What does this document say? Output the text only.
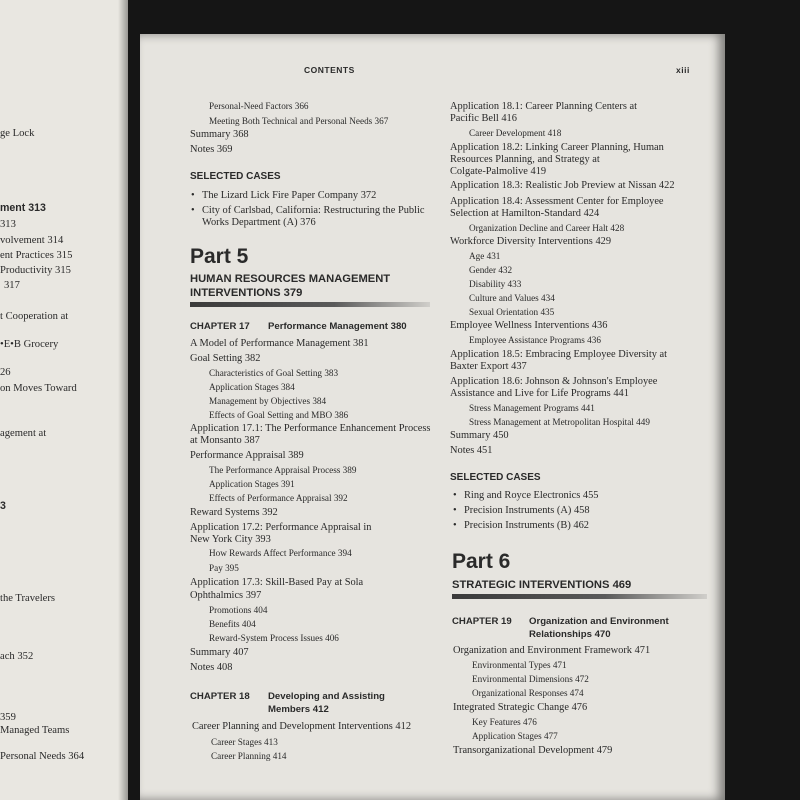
ge Lock
ment 313
313
volvement 314
ent Practices 315
Productivity 315
317
t Cooperation at
•E•B Grocery
26
on Moves Toward
agement at
3
the Travelers
ach 352
359
Managed Teams
Personal Needs 364
CONTENTS	xiii
Personal-Need Factors 366
Meeting Both Technical and Personal Needs 367
Summary 368
Notes 369
SELECTED CASES
• The Lizard Lick Fire Paper Company 372
• City of Carlsbad, California: Restructuring the Public
Works Department (A) 376
Part 5
HUMAN RESOURCES MANAGEMENT
INTERVENTIONS 379
CHAPTER 17 Performance Management 380
A Model of Performance Management 381
Goal Setting 382
Characteristics of Goal Setting 383
Application Stages 384
Management by Objectives 384
Effects of Goal Setting and MBO 386
Application 17.1: The Performance Enhancement Process
at Monsanto 387
Performance Appraisal 389
The Performance Appraisal Process 389
Application Stages 391
Effects of Performance Appraisal 392
Reward Systems 392
Application 17.2: Performance Appraisal in
New York City 393
How Rewards Affect Performance 394
Pay 395
Application 17.3: Skill-Based Pay at Sola
Ophthalmics 397
Promotions 404
Benefits 404
Reward-System Process Issues 406
Summary 407
Notes 408
CHAPTER 18 Developing and Assisting
Members 412
Career Planning and Development Interventions 412
Career Stages 413
Career Planning 414
Application 18.1: Career Planning Centers at
Pacific Bell 416
Career Development 418
Application 18.2: Linking Career Planning, Human
Resources Planning, and Strategy at
Colgate-Palmolive 419
Application 18.3: Realistic Job Preview at Nissan 422
Application 18.4: Assessment Center for Employee
Selection at Hamilton-Standard 424
Organization Decline and Career Halt 428
Workforce Diversity Interventions 429
Age 431
Gender 432
Disability 433
Culture and Values 434
Sexual Orientation 435
Employee Wellness Interventions 436
Employee Assistance Programs 436
Application 18.5: Embracing Employee Diversity at
Baxter Export 437
Application 18.6: Johnson & Johnson's Employee
Assistance and Live for Life Programs 441
Stress Management Programs 441
Stress Management at Metropolitan Hospital 449
Summary 450
Notes 451
SELECTED CASES
• Ring and Royce Electronics 455
• Precision Instruments (A) 458
• Precision Instruments (B) 462
Part 6
STRATEGIC INTERVENTIONS 469
CHAPTER 19 Organization and Environment
Relationships 470
Organization and Environment Framework 471
Environmental Types 471
Environmental Dimensions 472
Organizational Responses 474
Integrated Strategic Change 476
Key Features 476
Application Stages 477
Transorganizational Development 479
